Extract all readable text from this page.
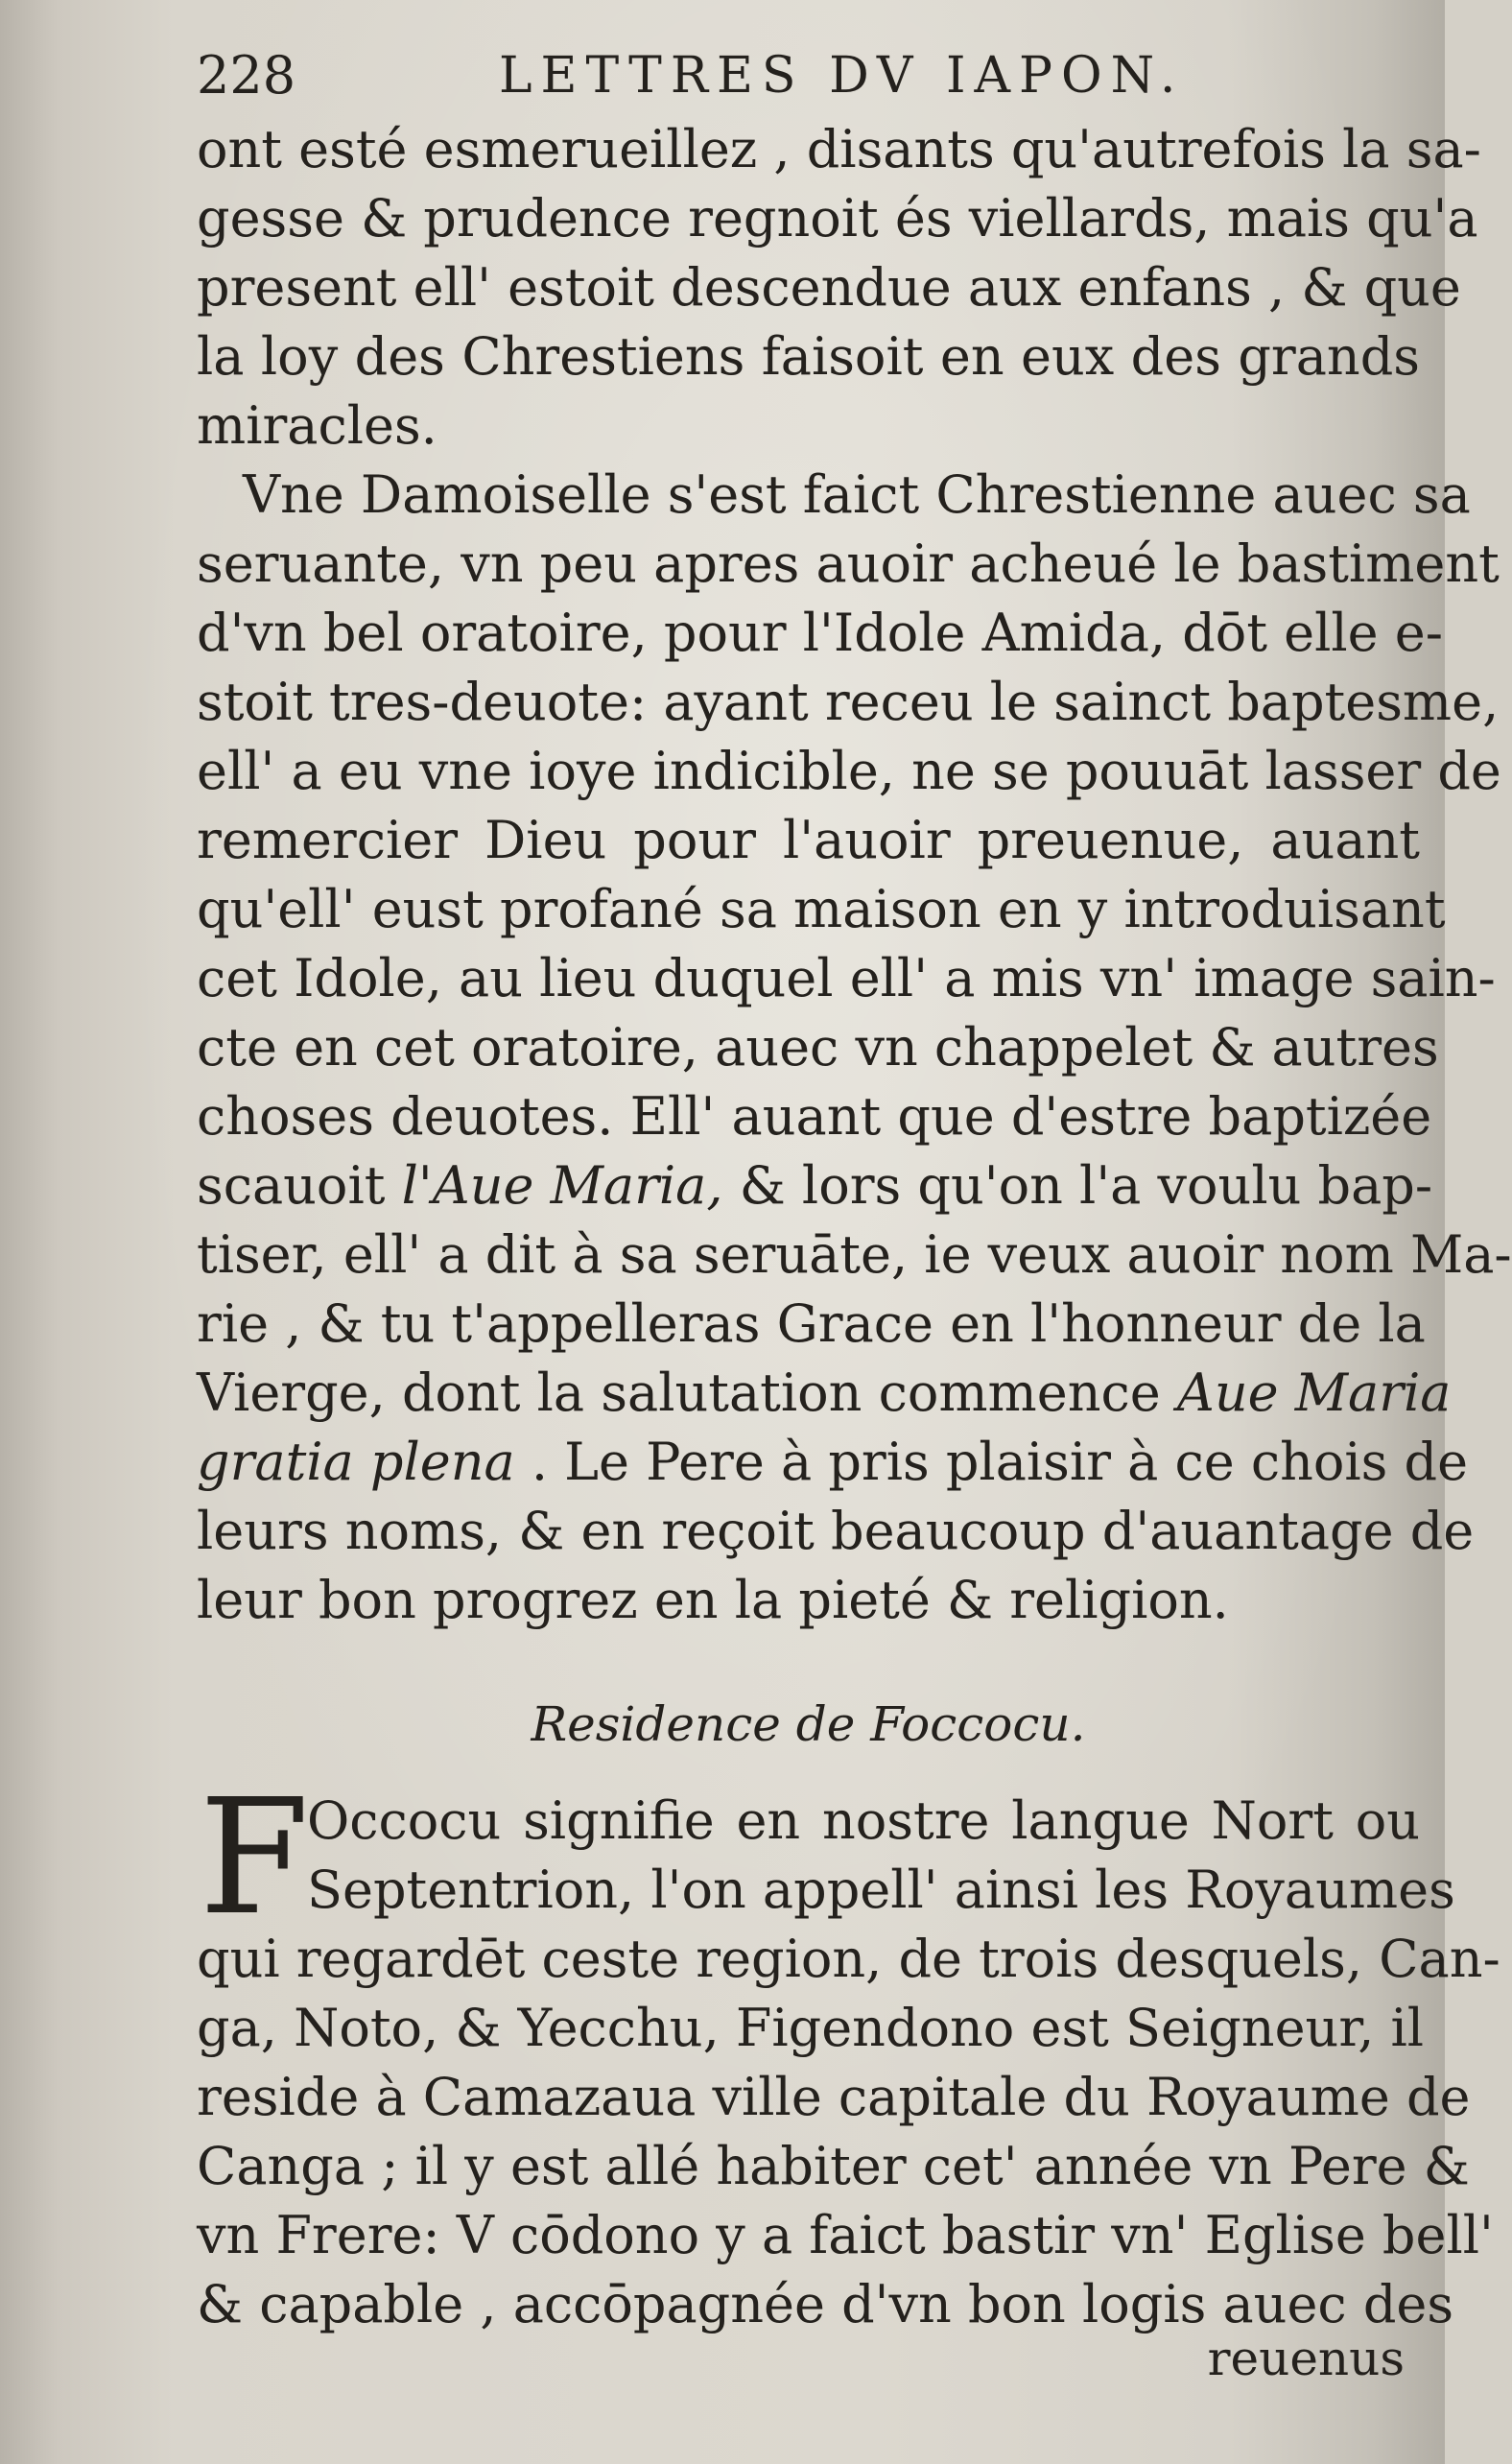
228	LETTRES DV IAPON.
ont esté esmerueillez , disants qu'autrefois la sa-
gesse & prudence regnoit és viellards, mais qu'a
present ell' estoit descendue aux enfans , & que
la loy des Chrestiens faisoit en eux des grands
miracles.
Vne Damoiselle s'est faict Chrestienne auec sa
seruante, vn peu apres auoir acheué le bastiment
d'vn bel oratoire, pour l'Idole Amida, dōt elle e-
stoit tres-deuote: ayant receu le sainct baptesme,
ell' a eu vne ioye indicible, ne se pouuāt lasser de
remercier Dieu pour l'auoir preuenue, auant
qu'ell' eust profané sa maison en y introduisant
cet Idole, au lieu duquel ell' a mis vn' image sain-
cte en cet oratoire, auec vn chappelet & autres
choses deuotes. Ell' auant que d'estre baptizée
scauoit l'Aue Maria, & lors qu'on l'a voulu bap-
tiser, ell' a dit à sa seruāte, ie veux auoir nom Ma-
rie , & tu t'appelleras Grace en l'honneur de la
Vierge, dont la salutation commence Aue Maria
gratia plena . Le Pere à pris plaisir à ce chois de
leurs noms, & en reçoit beaucoup d'auantage de
leur bon progrez en la pieté & religion.
Residence de Foccocu.
F
Occocu signifie en nostre langue Nort ou
Septentrion, l'on appell' ainsi les Royaumes
qui regardēt ceste region, de trois desquels, Can-
ga, Noto, & Yecchu, Figendono est Seigneur, il
reside à Camazaua ville capitale du Royaume de
Canga ; il y est allé habiter cet' année vn Pere &
vn Frere: V cōdono y a faict bastir vn' Eglise bell'
& capable , accōpagnée d'vn bon logis auec des
reuenus
